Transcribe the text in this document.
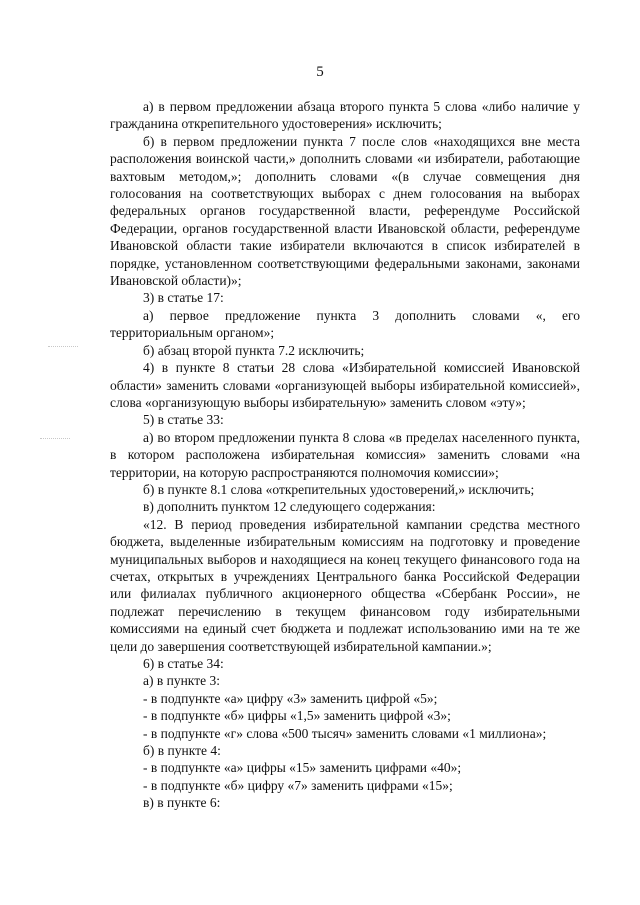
5

а) в первом предложении абзаца второго пункта 5 слова «либо наличие у гражданина открепительного удостоверения» исключить;

б) в первом предложении пункта 7 после слов «находящихся вне места расположения воинской части,» дополнить словами «и избиратели, работающие вахтовым методом,»; дополнить словами «(в случае совмещения дня голосования на соответствующих выборах с днем голосования на выборах федеральных органов государственной власти, референдуме Российской Федерации, органов государственной власти Ивановской области, референдуме Ивановской области такие избиратели включаются в список избирателей в порядке, установленном соответствующими федеральными законами, законами Ивановской области)»;

3) в статье 17:

а) первое предложение пункта 3 дополнить словами «, его территориальным органом»;

б) абзац второй пункта 7.2 исключить;

4) в пункте 8 статьи 28 слова «Избирательной комиссией Ивановской области» заменить словами «организующей выборы избирательной комиссией», слова «организующую выборы избирательную» заменить словом «эту»;

5) в статье 33:

а) во втором предложении пункта 8 слова «в пределах населенного пункта, в котором расположена избирательная комиссия» заменить словами «на территории, на которую распространяются полномочия комиссии»;

б) в пункте 8.1 слова «открепительных удостоверений,» исключить;

в) дополнить пунктом 12 следующего содержания:

«12. В период проведения избирательной кампании средства местного бюджета, выделенные избирательным комиссиям на подготовку и проведение муниципальных выборов и находящиеся на конец текущего финансового года на счетах, открытых в учреждениях Центрального банка Российской Федерации или филиалах публичного акционерного общества «Сбербанк России», не подлежат перечислению в текущем финансовом году избирательными комиссиями на единый счет бюджета и подлежат использованию ими на те же цели до завершения соответствующей избирательной кампании.»;

6) в статье 34:

а) в пункте 3:

- в подпункте «а» цифру «3» заменить цифрой «5»;

- в подпункте «б» цифры «1,5» заменить цифрой «3»;

- в подпункте «г» слова «500 тысяч» заменить словами «1 миллиона»;

б) в пункте 4:

- в подпункте «а» цифры «15» заменить цифрами «40»;

- в подпункте «б» цифру «7» заменить цифрами «15»;

в) в пункте 6:
